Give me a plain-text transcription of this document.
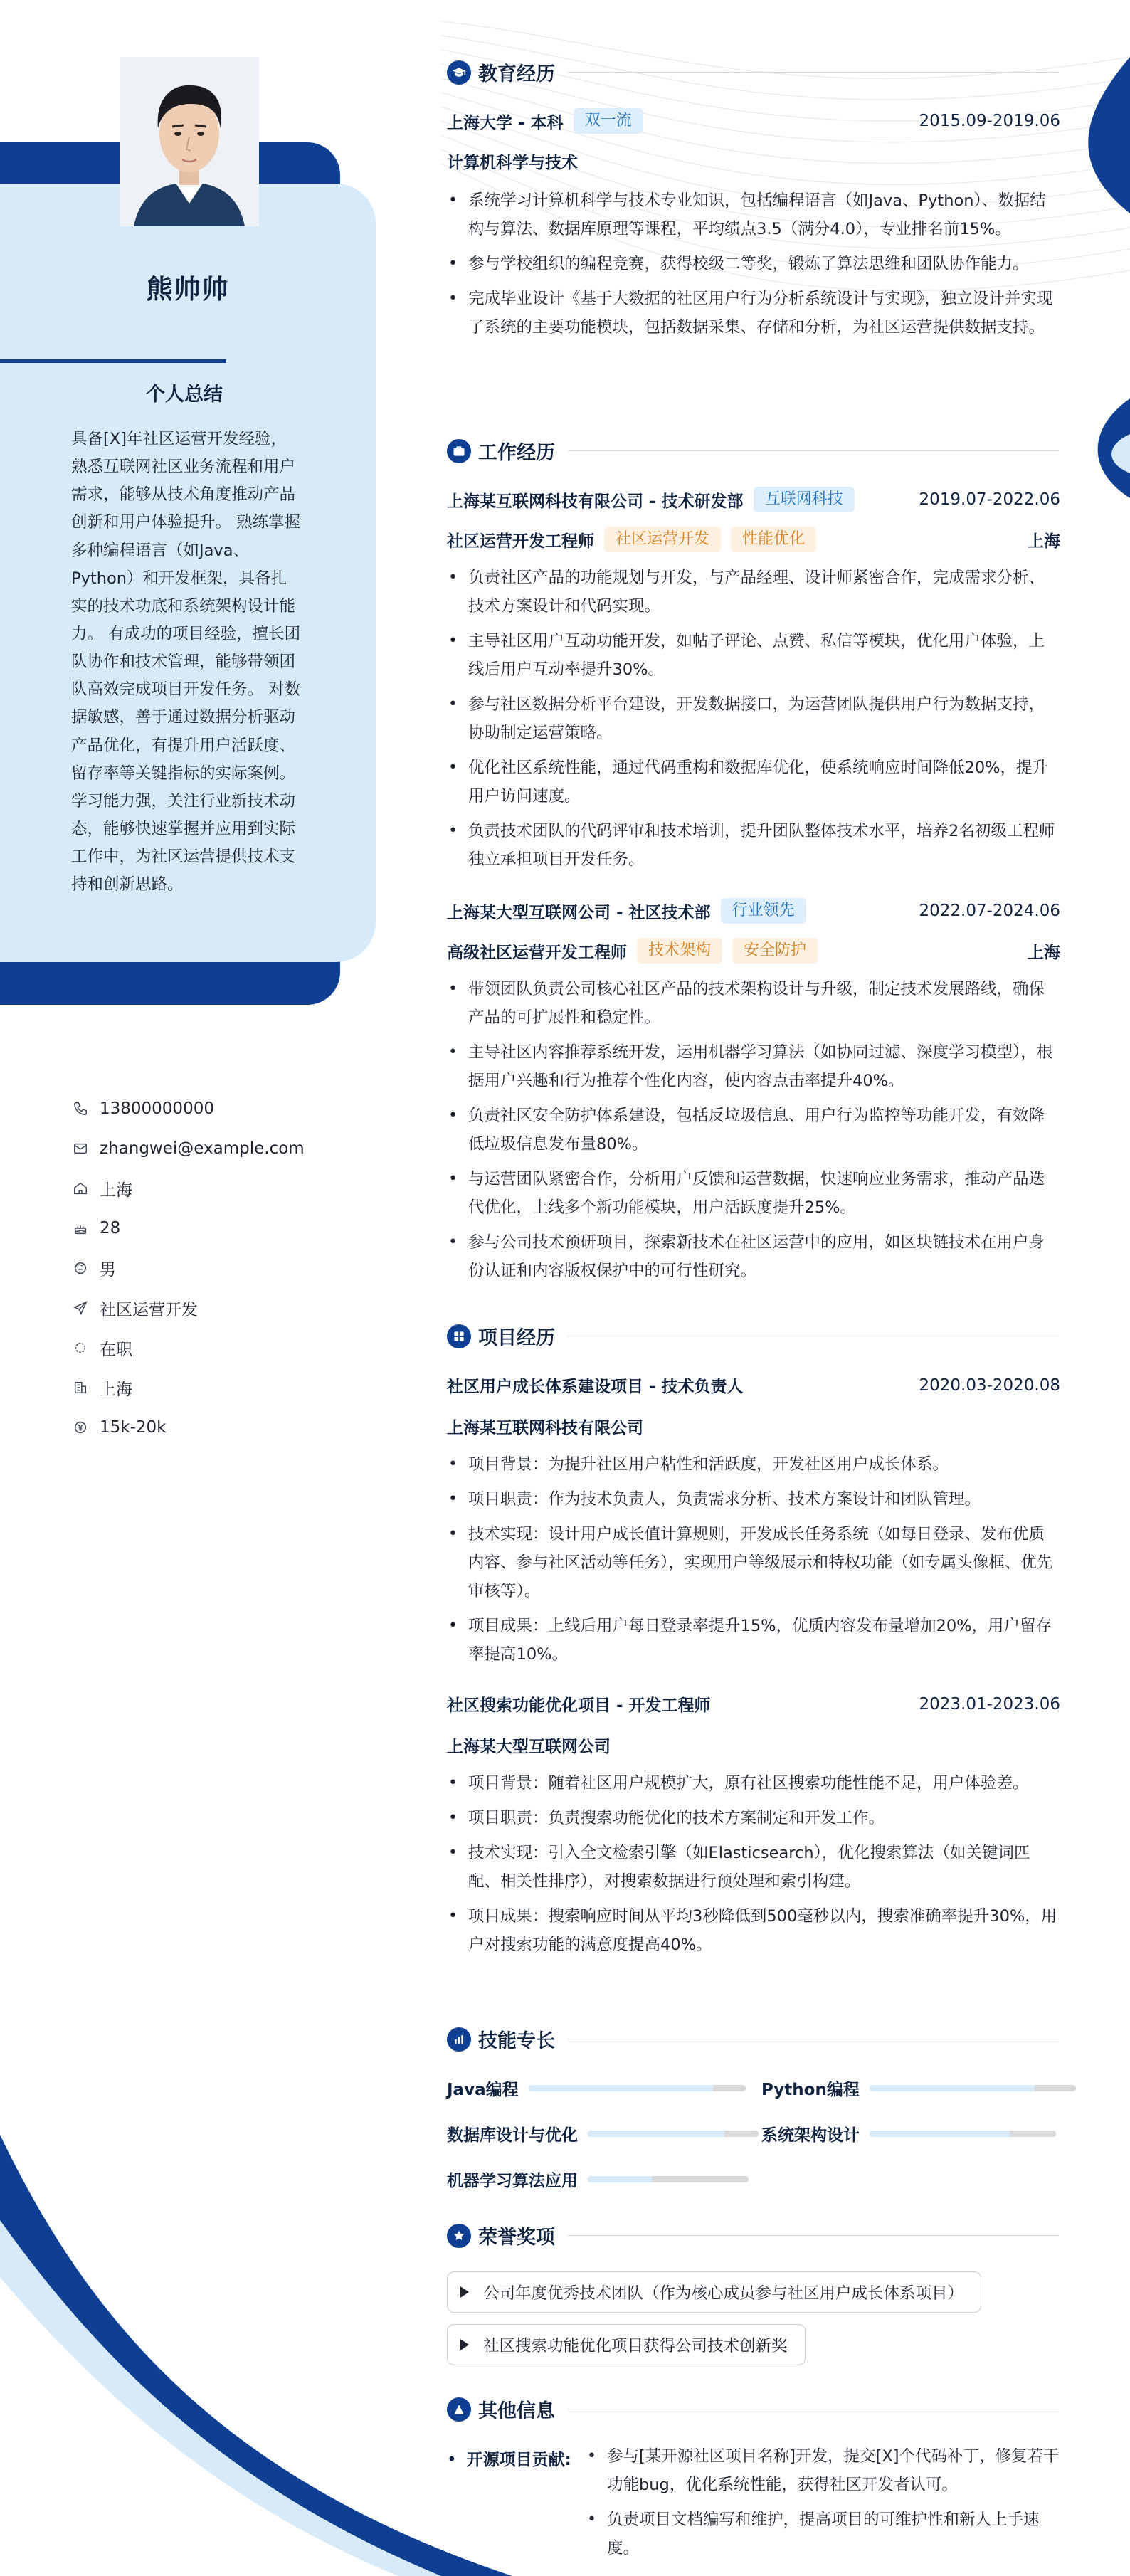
熊帅帅
个人总结
具备[X]年社区运营开发经验，熟悉互联网社区业务流程和用户需求，能够从技术角度推动产品创新和用户体验提升。 熟练掌握多种编程语言（如Java、Python）和开发框架，具备扎实的技术功底和系统架构设计能力。 有成功的项目经验，擅长团队协作和技术管理，能够带领团队高效完成项目开发任务。 对数据敏感，善于通过数据分析驱动产品优化，有提升用户活跃度、留存率等关键指标的实际案例。 学习能力强，关注行业新技术动态，能够快速掌握并应用到实际工作中，为社区运营提供技术支持和创新思路。
13800000000
zhangwei@example.com
上海
28
男
社区运营开发
在职
上海
15k-20k
教育经历
上海大学 - 本科	双一流	2015.09-2019.06
计算机科学与技术
• 系统学习计算机科学与技术专业知识，包括编程语言（如Java、Python）、数据结构与算法、数据库原理等课程，平均绩点3.5（满分4.0），专业排名前15%。
• 参与学校组织的编程竞赛，获得校级二等奖，锻炼了算法思维和团队协作能力。
• 完成毕业设计《基于大数据的社区用户行为分析系统设计与实现》，独立设计并实现了系统的主要功能模块，包括数据采集、存储和分析，为社区运营提供数据支持。
工作经历
上海某互联网科技有限公司 - 技术研发部	互联网科技	2019.07-2022.06
社区运营开发工程师	社区运营开发	性能优化	上海
• 负责社区产品的功能规划与开发，与产品经理、设计师紧密合作，完成需求分析、技术方案设计和代码实现。
• 主导社区用户互动功能开发，如帖子评论、点赞、私信等模块，优化用户体验，上线后用户互动率提升30%。
• 参与社区数据分析平台建设，开发数据接口，为运营团队提供用户行为数据支持，协助制定运营策略。
• 优化社区系统性能，通过代码重构和数据库优化，使系统响应时间降低20%，提升用户访问速度。
• 负责技术团队的代码评审和技术培训，提升团队整体技术水平，培养2名初级工程师独立承担项目开发任务。
上海某大型互联网公司 - 社区技术部	行业领先	2022.07-2024.06
高级社区运营开发工程师	技术架构	安全防护	上海
• 带领团队负责公司核心社区产品的技术架构设计与升级，制定技术发展路线，确保产品的可扩展性和稳定性。
• 主导社区内容推荐系统开发，运用机器学习算法（如协同过滤、深度学习模型），根据用户兴趣和行为推荐个性化内容，使内容点击率提升40%。
• 负责社区安全防护体系建设，包括反垃圾信息、用户行为监控等功能开发，有效降低垃圾信息发布量80%。
• 与运营团队紧密合作，分析用户反馈和运营数据，快速响应业务需求，推动产品迭代优化，上线多个新功能模块，用户活跃度提升25%。
• 参与公司技术预研项目，探索新技术在社区运营中的应用，如区块链技术在用户身份认证和内容版权保护中的可行性研究。
项目经历
社区用户成长体系建设项目 - 技术负责人	2020.03-2020.08
上海某互联网科技有限公司
• 项目背景：为提升社区用户粘性和活跃度，开发社区用户成长体系。
• 项目职责：作为技术负责人，负责需求分析、技术方案设计和团队管理。
• 技术实现：设计用户成长值计算规则，开发成长任务系统（如每日登录、发布优质内容、参与社区活动等任务），实现用户等级展示和特权功能（如专属头像框、优先审核等）。
• 项目成果：上线后用户每日登录率提升15%，优质内容发布量增加20%，用户留存率提高10%。
社区搜索功能优化项目 - 开发工程师	2023.01-2023.06
上海某大型互联网公司
• 项目背景：随着社区用户规模扩大，原有社区搜索功能性能不足，用户体验差。
• 项目职责：负责搜索功能优化的技术方案制定和开发工作。
• 技术实现：引入全文检索引擎（如Elasticsearch），优化搜索算法（如关键词匹配、相关性排序），对搜索数据进行预处理和索引构建。
• 项目成果：搜索响应时间从平均3秒降低到500毫秒以内，搜索准确率提升30%，用户对搜索功能的满意度提高40%。
技能专长
Java编程	Python编程
数据库设计与优化	系统架构设计
机器学习算法应用
荣誉奖项
公司年度优秀技术团队（作为核心成员参与社区用户成长体系项目）
社区搜索功能优化项目获得公司技术创新奖
其他信息
• 开源项目贡献:
•	参与[某开源社区项目名称]开发，提交[X]个代码补丁，修复若干功能bug，优化系统性能，获得社区开发者认可。
• 负责项目文档编写和维护，提高项目的可维护性和新人上手速度。
